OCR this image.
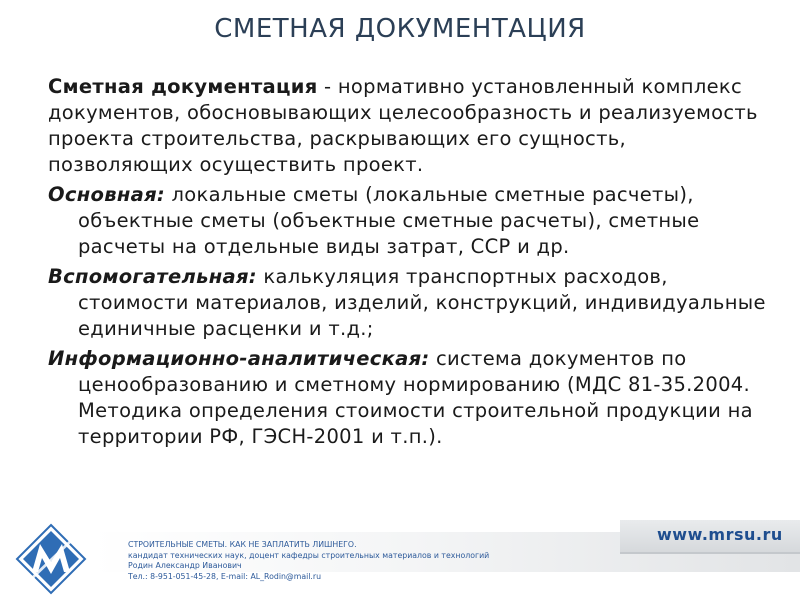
СМЕТНАЯ ДОКУМЕНТАЦИЯ

Сметная документация - нормативно установленный комплекс документов, обосновывающих целесообразность и реализуемость проекта строительства, раскрывающих его сущность, позволяющих осуществить проект.

Основная: локальные сметы (локальные сметные расчеты), объектные сметы (объектные сметные расчеты), сметные расчеты на отдельные виды затрат, ССР и др.

Вспомогательная: калькуляция транспортных расходов, стоимости материалов, изделий, конструкций, индивидуальные единичные расценки и т.д.;

Информационно-аналитическая: система документов по ценообразованию и сметному нормированию (МДС 81-35.2004. Методика определения стоимости строительной продукции на территории РФ, ГЭСН-2001 и т.п.).

www.mrsu.ru
СТРОИТЕЛЬНЫЕ СМЕТЫ. КАК НЕ ЗАПЛАТИТЬ ЛИШНЕГО.
кандидат технических наук, доцент кафедры строительных материалов и технологий
Родин Александр Иванович
Тел.: 8-951-051-45-28, E-mail: AL_Rodin@mail.ru
